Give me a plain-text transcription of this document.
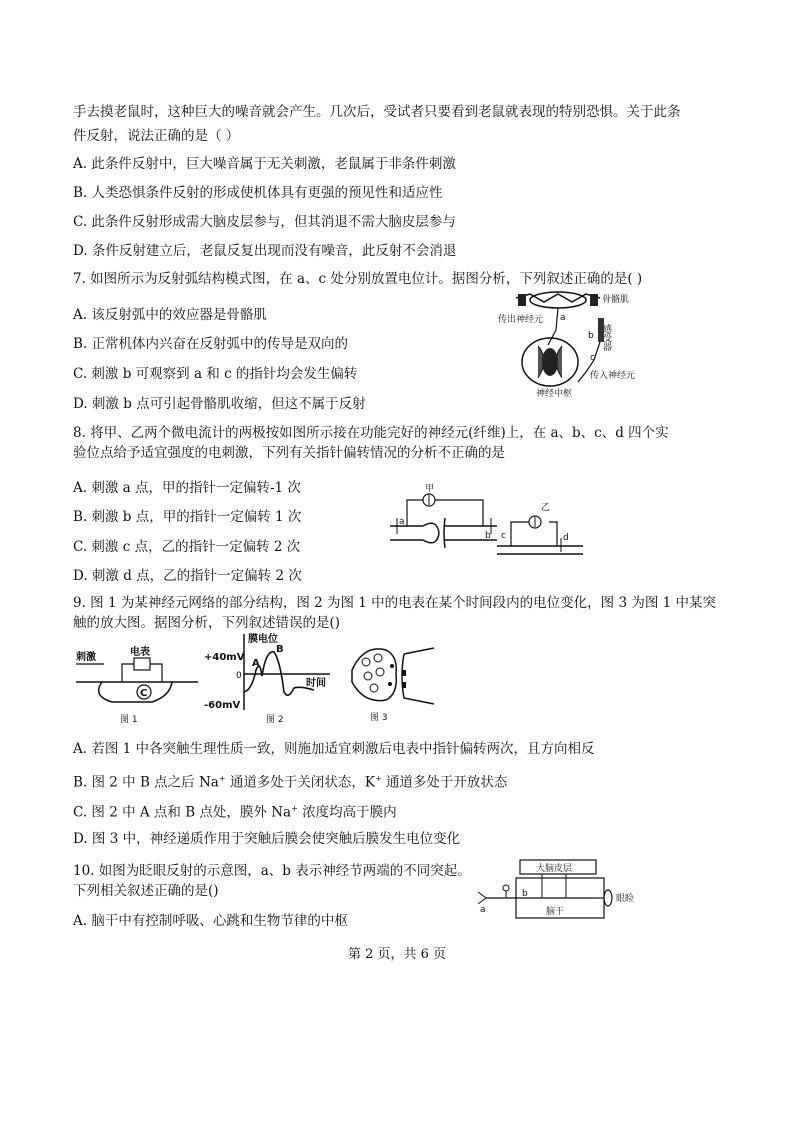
手去摸老鼠时，这种巨大的噪音就会产生。几次后，受试者只要看到老鼠就表现的特别恐惧。关于此条
件反射，说法正确的是（ ）
A. 此条件反射中，巨大噪音属于无关刺激，老鼠属于非条件刺激
B. 人类恐惧条件反射的形成使机体具有更强的预见性和适应性
C. 此条件反射形成需大脑皮层参与，但其消退不需大脑皮层参与
D. 条件反射建立后，老鼠反复出现而没有噪音，此反射不会消退
7. 如图所示为反射弧结构模式图，在 a、c 处分别放置电位计。据图分析，下列叙述正确的是( )
A. 该反射弧中的效应器是骨骼肌
B. 正常机体内兴奋在反射弧中的传导是双向的
C. 刺激 b 可观察到 a 和 c 的指针均会发生偏转
D. 刺激 b 点可引起骨骼肌收缩，但这不属于反射
骨骼肌
传出神经元 a
感受器
b
c
传入神经元
神经中枢
8. 将甲、乙两个微电流计的两极按如图所示接在功能完好的神经元(纤维)上，在 a、b、c、d 四个实
验位点给予适宜强度的电刺激，下列有关指针偏转情况的分析不正确的是
A. 刺激 a 点，甲的指针一定偏转-1 次
B. 刺激 b 点，甲的指针一定偏转 1 次
C. 刺激 c 点，乙的指针一定偏转 2 次
D. 刺激 d 点，乙的指针一定偏转 2 次
甲
a
b
乙
c	d
9. 图 1 为某神经元网络的部分结构，图 2 为图 1 中的电表在某个时间段内的电位变化，图 3 为图 1 中某突
触的放大图。据图分析，下列叙述错误的是()
刺激	电表
C
图 1
膜电位
+40mV
-60mV
0
A
B
时间
图 2	图 3
A. 若图 1 中各突触生理性质一致，则施加适宜刺激后电表中指针偏转两次，且方向相反
B. 图 2 中 B 点之后 Na+ 通道多处于关闭状态，K+ 通道多处于开放状态
C. 图 2 中 A 点和 B 点处，膜外 Na+ 浓度均高于膜内
D. 图 3 中，神经递质作用于突触后膜会使突触后膜发生电位变化
10. 如图为眨眼反射的示意图，a、b 表示神经节两端的不同突起。
下列相关叙述正确的是()
A. 脑干中有控制呼吸、心跳和生物节律的中枢
大脑皮层
脑干
a
b	眼睑
第 2 页，共 6 页
